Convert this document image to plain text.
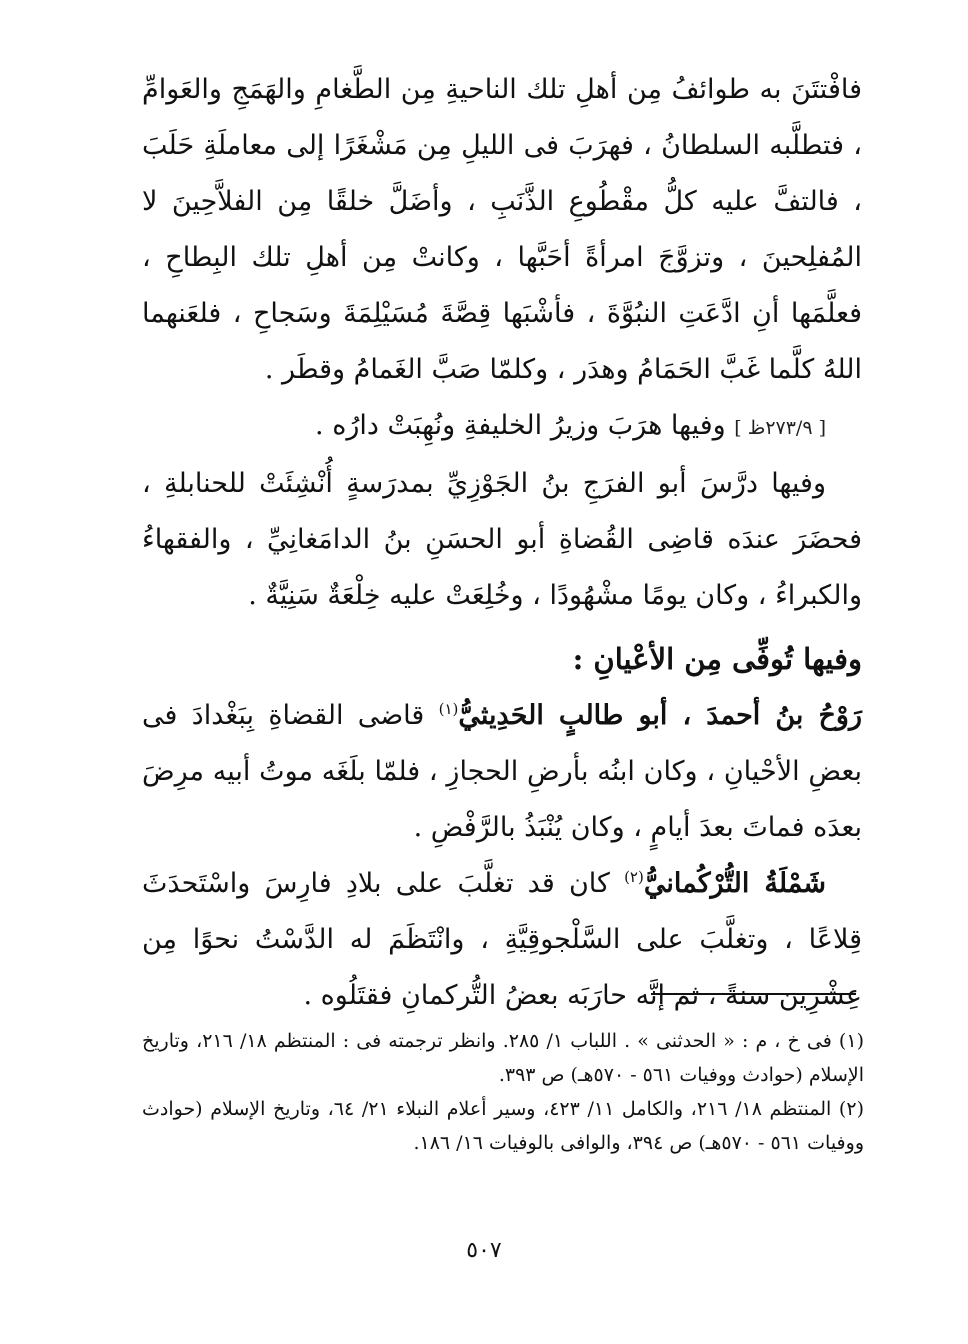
فافْتتَنَ به طوائفُ مِن أهلِ تلك الناحيةِ مِن الطَّغامِ والهَمَجِ والعَوامِّ ، فتطلَّبه السلطانُ ، فهرَبَ فى الليلِ مِن مَشْغَرًا إلى معاملَةِ حَلَبَ ، فالتفَّ عليه كلُّ مقْطُوعِ الذَّنَبِ ، وأضَلَّ خلقًا مِن الفلاَّحِينَ لا المُفلِحينَ ، وتزوَّجَ امرأةً أحَبَّها ، وكانتْ مِن أهلِ تلك البِطاحِ ، فعلَّمَها أنِ ادَّعَتِ النبُوَّةَ ، فأشْبَها قِصَّةَ مُسَيْلِمَةَ وسَجاحِ ، فلعَنهما اللهُ كلَّما غَبَّ الحَمَامُ وهدَر ، وكلمّا صَبَّ الغَمامُ وقطَر .

[ ٢٧٣/٩ظ ] وفيها هرَبَ وزيرُ الخليفةِ ونُهِبَتْ دارُه .

وفيها درَّسَ أبو الفرَجِ بنُ الجَوْزِيِّ بمدرَسةٍ أُنْشِئَتْ للحنابلةِ ، فحضَرَ عندَه قاضِى القُضاةِ أبو الحسَنِ بنُ الدامَغانِيِّ ، والفقهاءُ والكبراءُ ، وكان يومًا مشْهُودًا ، وخُلِعَتْ عليه خِلْعَةٌ سَنِيَّةٌ .

وفيها تُوفِّى مِن الأعْيانِ :

رَوْحُ بنُ أحمدَ ، أبو طالبٍ الحَدِيثيُّ$^{(١)}$ قاضى القضاةِ بِبَغْدادَ فى بعضِ الأحْيانِ ، وكان ابنُه بأرضِ الحجازِ ، فلمّا بلَغَه موتُ أبيه مرِضَ بعدَه فماتَ بعدَ أيامٍ ، وكان يُنْبَذُ بالرَّفْضِ .

شَمْلَةُ التُّرْكُمانيُّ$^{(٢)}$ كان قد تغلَّبَ على بلادِ فارِسَ واسْتَحدَثَ قِلاعًا ، وتغلَّبَ على السَّلْجوقِيَّةِ ، وانْتَظَمَ له الدَّسْتُ نحوًا مِن عِشْرِين سنةً ، ثم إنَّه حارَبَه بعضُ التُّركمانِ فقتَلُوه .

(١) فى خ ، م : « الحدثنى » . اللباب ١/ ٢٨٥. وانظر ترجمته فى : المنتظم ١٨/ ٢١٦، وتاريخ الإسلام (حوادث ووفيات ٥٦١ - ٥٧٠هـ) ص ٣٩٣.

(٢) المنتظم ١٨/ ٢١٦، والكامل ١١/ ٤٢٣، وسير أعلام النبلاء ٢١/ ٦٤، وتاريخ الإسلام (حوادث ووفيات ٥٦١ - ٥٧٠هـ) ص ٣٩٤، والوافى بالوفيات ١٦/ ١٨٦.

٥٠٧
